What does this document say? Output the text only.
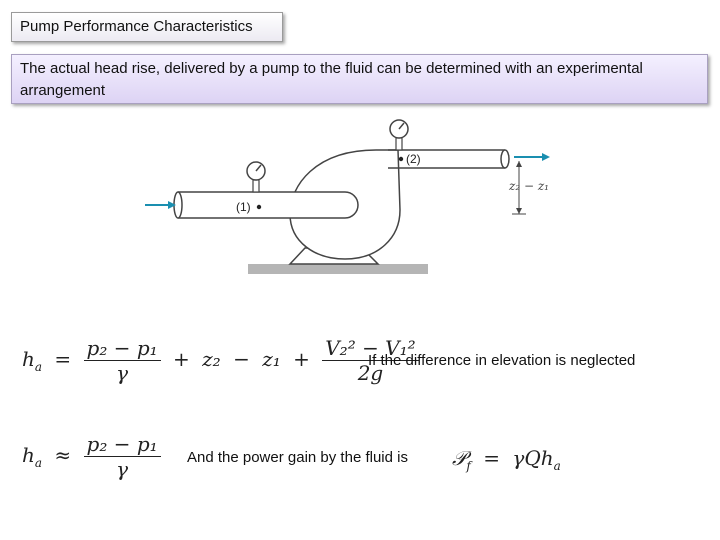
Pump Performance Characteristics
The actual head rise, delivered by a pump to the fluid can be determined with an experimental arrangement
(1)
(2)
z₂ − z₁
$h_a = \frac{\text{p₂ − p₁}}{\gamma} + z_2 - z_1 + \frac{\text{V₂² − V₁²}}{2g}$
If the difference in elevation is neglected
$h_a \approx \frac{\text{p₂ − p₁}}{\gamma}$ And the power gain by the fluid is 𝒫$_f$ = γQh$_a$
